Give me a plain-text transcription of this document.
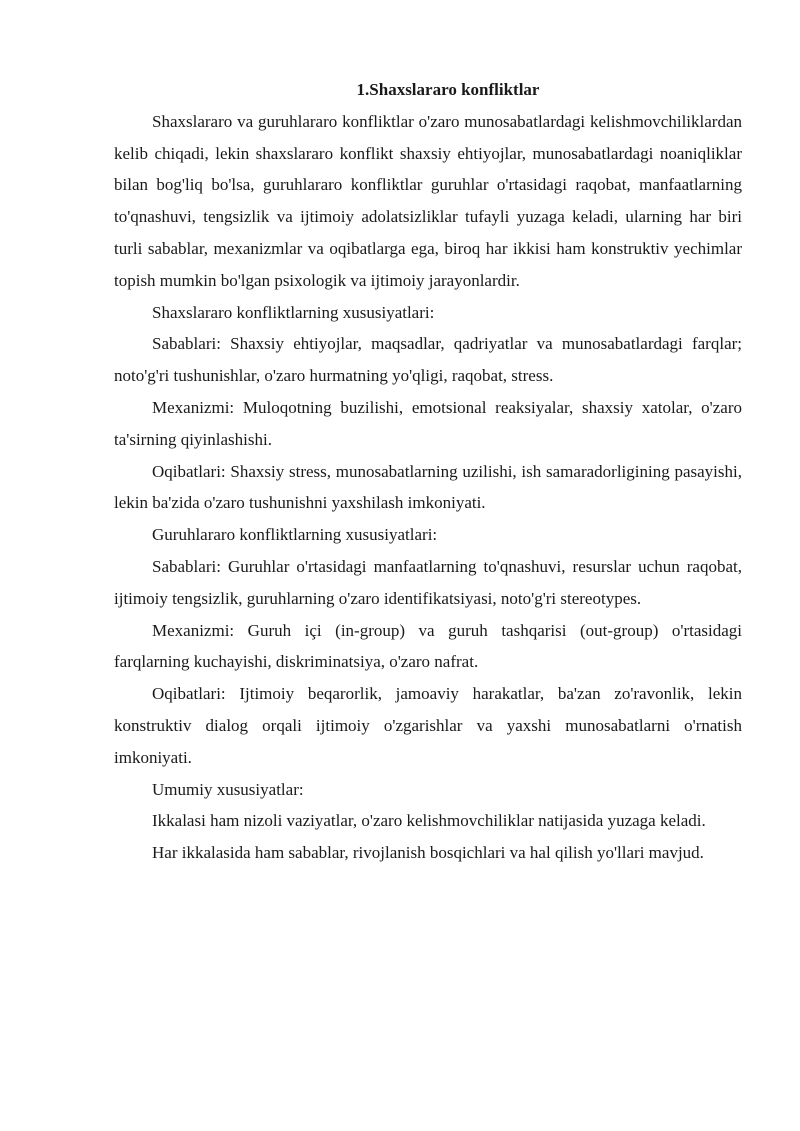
1.Shaxslararo konfliktlar

Shaxslararo va guruhlararo konfliktlar o'zaro munosabatlardagi kelishmovchiliklardan kelib chiqadi, lekin shaxslararo konflikt shaxsiy ehtiyojlar, munosabatlardagi noaniqliklar bilan bog'liq bo'lsa, guruhlararo konfliktlar guruhlar o'rtasidagi raqobat, manfaatlarning to'qnashuvi, tengsizlik va ijtimoiy adolatsizliklar tufayli yuzaga keladi, ularning har biri turli sabablar, mexanizmlar va oqibatlarga ega, biroq har ikkisi ham konstruktiv yechimlar topish mumkin bo'lgan psixologik va ijtimoiy jarayonlardir.

Shaxslararo konfliktlarning xususiyatlari:

Sabablari: Shaxsiy ehtiyojlar, maqsadlar, qadriyatlar va munosabatlardagi farqlar; noto'g'ri tushunishlar, o'zaro hurmatning yo'qligi, raqobat, stress.

Mexanizmi: Muloqotning buzilishi, emotsional reaksiyalar, shaxsiy xatolar, o'zaro ta'sirning qiyinlashishi.

Oqibatlari: Shaxsiy stress, munosabatlarning uzilishi, ish samaradorligining pasayishi, lekin ba'zida o'zaro tushunishni yaxshilash imkoniyati.

Guruhlararo konfliktlarning xususiyatlari:

Sabablari: Guruhlar o'rtasidagi manfaatlarning to'qnashuvi, resurslar uchun raqobat, ijtimoiy tengsizlik, guruhlarning o'zaro identifikatsiyasi, noto'g'ri stereotypes.

Mexanizmi: Guruh içi (in-group) va guruh tashqarisi (out-group) o'rtasidagi farqlarning kuchayishi, diskriminatsiya, o'zaro nafrat.

Oqibatlari: Ijtimoiy beqarorlik, jamoaviy harakatlar, ba'zan zo'ravonlik, lekin konstruktiv dialog orqali ijtimoiy o'zgarishlar va yaxshi munosabatlarni o'rnatish imkoniyati.

Umumiy xususiyatlar:

Ikkalasi ham nizoli vaziyatlar, o'zaro kelishmovchiliklar natijasida yuzaga keladi.

Har ikkalasida ham sabablar, rivojlanish bosqichlari va hal qilish yo'llari mavjud.
